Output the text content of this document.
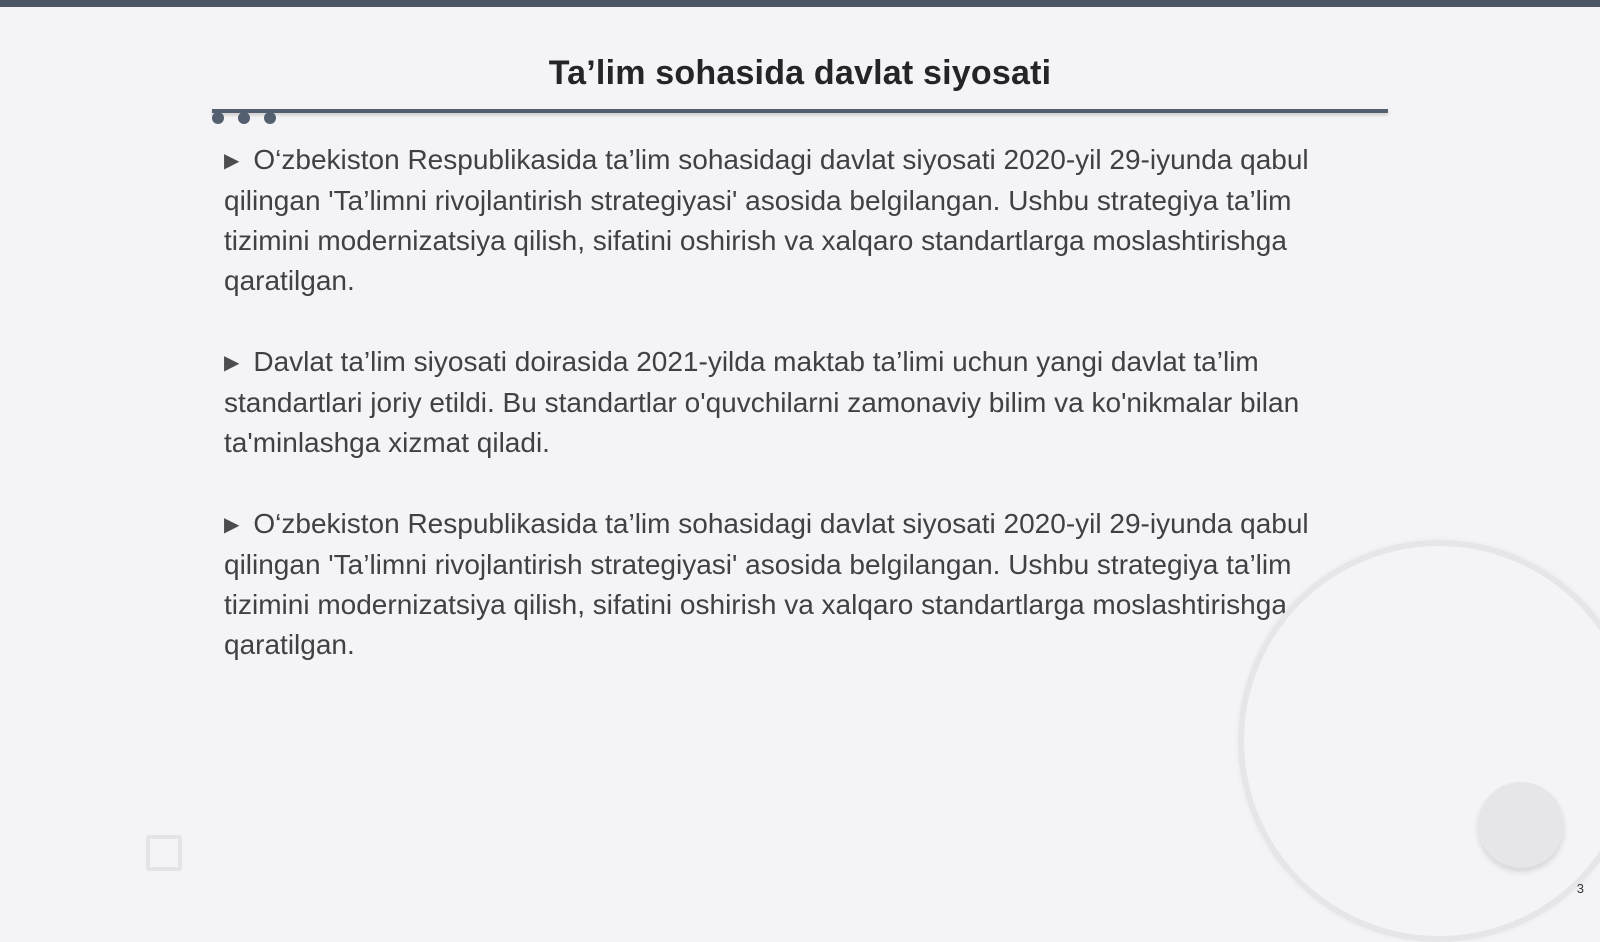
Ta’lim sohasida davlat siyosati

▶ O‘zbekiston Respublikasida ta’lim sohasidagi davlat siyosati 2020-yil 29-iyunda qabul qilingan 'Ta’limni rivojlantirish strategiyasi' asosida belgilangan. Ushbu strategiya ta’lim tizimini modernizatsiya qilish, sifatini oshirish va xalqaro standartlarga moslashtirishga qaratilgan.

▶ Davlat ta’lim siyosati doirasida 2021-yilda maktab ta’limi uchun yangi davlat ta’lim standartlari joriy etildi. Bu standartlar o'quvchilarni zamonaviy bilim va ko'nikmalar bilan ta'minlashga xizmat qiladi.

▶ O‘zbekiston Respublikasida ta’lim sohasidagi davlat siyosati 2020-yil 29-iyunda qabul qilingan 'Ta’limni rivojlantirish strategiyasi' asosida belgilangan. Ushbu strategiya ta’lim tizimini modernizatsiya qilish, sifatini oshirish va xalqaro standartlarga moslashtirishga qaratilgan.

3
